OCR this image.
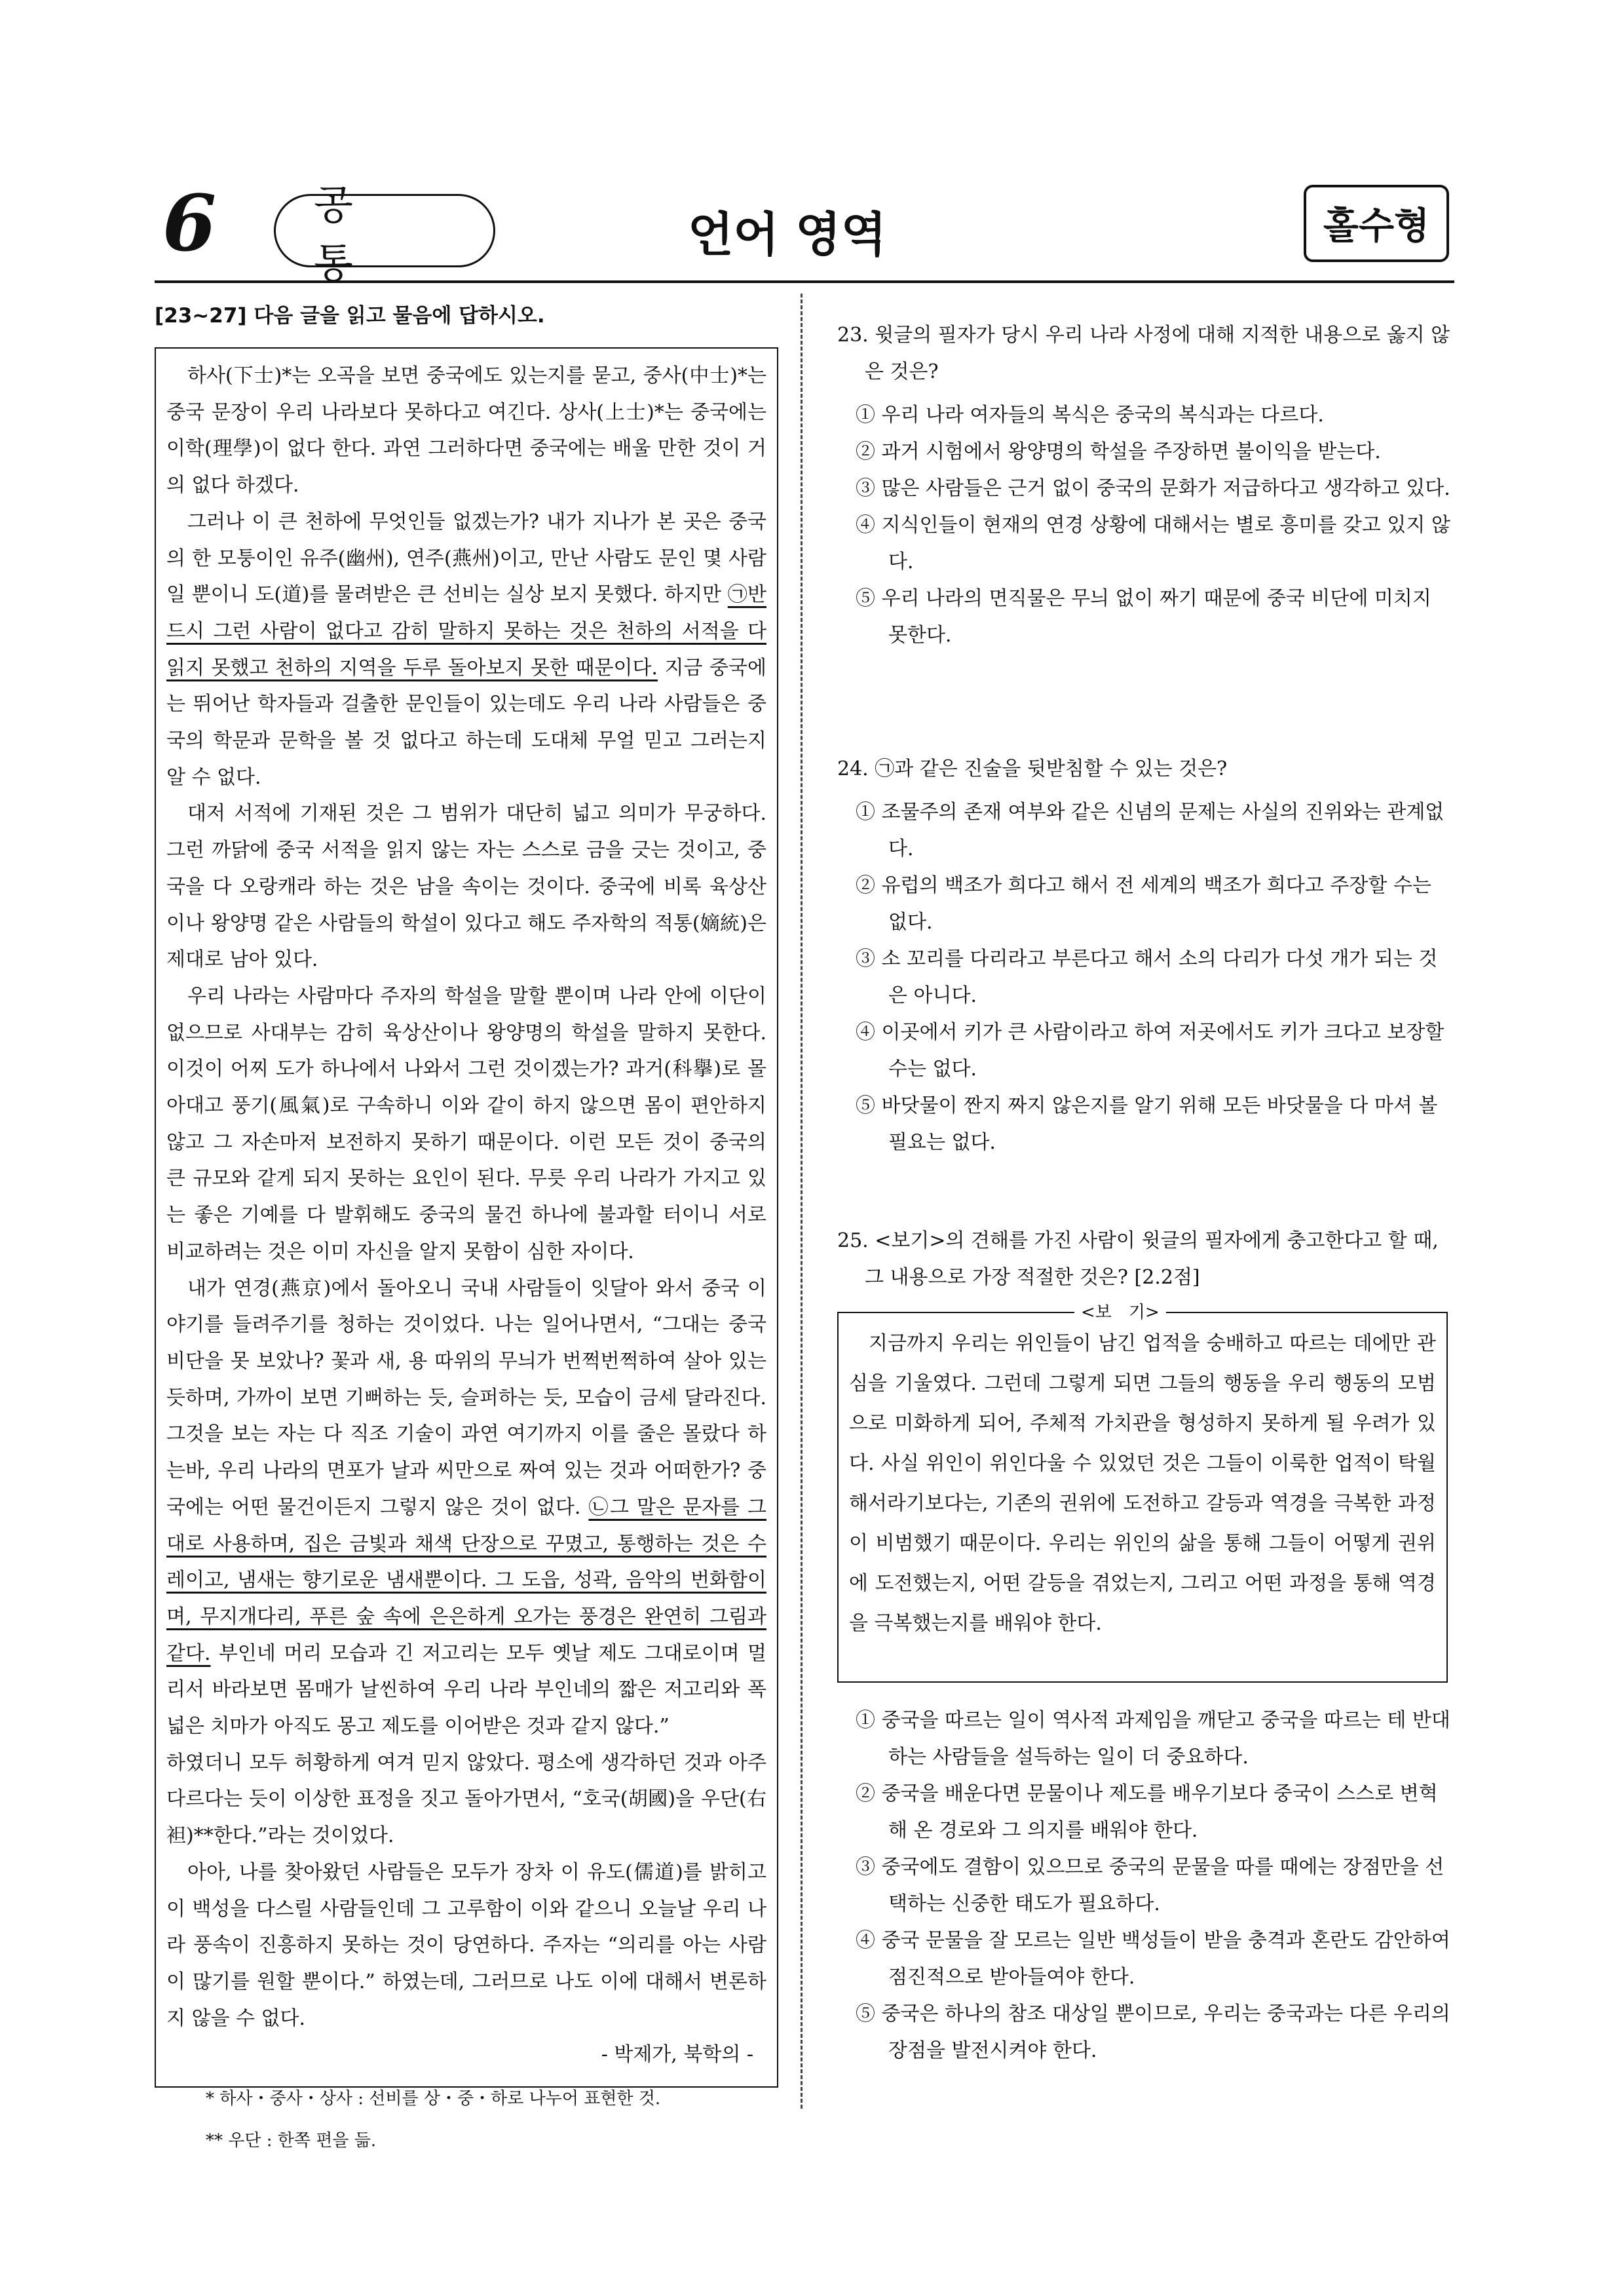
6	공 통
언어 영역	홀수형
[23~27] 다음 글을 읽고 물음에 답하시오.

하사(下士)*는 오곡을 보면 중국에도 있는지를 묻고, 중사(中士)*는 중국 문장이 우리 나라보다 못하다고 여긴다. 상사(上士)*는 중국에는 이학(理學)이 없다 한다. 과연 그러하다면 중국에는 배울 만한 것이 거의 없다 하겠다.

그러나 이 큰 천하에 무엇인들 없겠는가? 내가 지나가 본 곳은 중국의 한 모퉁이인 유주(幽州), 연주(燕州)이고, 만난 사람도 문인 몇 사람일 뿐이니 도(道)를 물려받은 큰 선비는 실상 보지 못했다. 하지만 ㉠반드시 그런 사람이 없다고 감히 말하지 못하는 것은 천하의 서적을 다 읽지 못했고 천하의 지역을 두루 돌아보지 못한 때문이다. 지금 중국에는 뛰어난 학자들과 걸출한 문인들이 있는데도 우리 나라 사람들은 중국의 학문과 문학을 볼 것 없다고 하는데 도대체 무얼 믿고 그러는지 알 수 없다.

대저 서적에 기재된 것은 그 범위가 대단히 넓고 의미가 무궁하다. 그런 까닭에 중국 서적을 읽지 않는 자는 스스로 금을 긋는 것이고, 중국을 다 오랑캐라 하는 것은 남을 속이는 것이다. 중국에 비록 육상산이나 왕양명 같은 사람들의 학설이 있다고 해도 주자학의 적통(嫡統)은 제대로 남아 있다.

우리 나라는 사람마다 주자의 학설을 말할 뿐이며 나라 안에 이단이 없으므로 사대부는 감히 육상산이나 왕양명의 학설을 말하지 못한다. 이것이 어찌 도가 하나에서 나와서 그런 것이겠는가? 과거(科擧)로 몰아대고 풍기(風氣)로 구속하니 이와 같이 하지 않으면 몸이 편안하지 않고 그 자손마저 보전하지 못하기 때문이다. 이런 모든 것이 중국의 큰 규모와 같게 되지 못하는 요인이 된다. 무릇 우리 나라가 가지고 있는 좋은 기예를 다 발휘해도 중국의 물건 하나에 불과할 터이니 서로 비교하려는 것은 이미 자신을 알지 못함이 심한 자이다.

내가 연경(燕京)에서 돌아오니 국내 사람들이 잇달아 와서 중국 이야기를 들려주기를 청하는 것이었다. 나는 일어나면서, “그대는 중국 비단을 못 보았나? 꽃과 새, 용 따위의 무늬가 번쩍번쩍하여 살아 있는 듯하며, 가까이 보면 기뻐하는 듯, 슬퍼하는 듯, 모습이 금세 달라진다. 그것을 보는 자는 다 직조 기술이 과연 여기까지 이를 줄은 몰랐다 하는바, 우리 나라의 면포가 날과 씨만으로 짜여 있는 것과 어떠한가? 중국에는 어떤 물건이든지 그렇지 않은 것이 없다. ㉡그 말은 문자를 그대로 사용하며, 집은 금빛과 채색 단장으로 꾸몄고, 통행하는 것은 수레이고, 냄새는 향기로운 냄새뿐이다. 그 도읍, 성곽, 음악의 번화함이며, 무지개다리, 푸른 숲 속에 은은하게 오가는 풍경은 완연히 그림과 같다. 부인네 머리 모습과 긴 저고리는 모두 옛날 제도 그대로이며 멀리서 바라보면 몸매가 날씬하여 우리 나라 부인네의 짧은 저고리와 폭넓은 치마가 아직도 몽고 제도를 이어받은 것과 같지 않다.”

하였더니 모두 허황하게 여겨 믿지 않았다. 평소에 생각하던 것과 아주 다르다는 듯이 이상한 표정을 짓고 돌아가면서, “호국(胡國)을 우단(右袒)**한다.”라는 것이었다.

아아, 나를 찾아왔던 사람들은 모두가 장차 이 유도(儒道)를 밝히고 이 백성을 다스릴 사람들인데 그 고루함이 이와 같으니 오늘날 우리 나라 풍속이 진흥하지 못하는 것이 당연하다. 주자는 “의리를 아는 사람이 많기를 원할 뿐이다.” 하였는데, 그러므로 나도 이에 대해서 변론하지 않을 수 없다.

- 박제가, 북학의 -
* 하사・중사・상사 : 선비를 상・중・하로 나누어 표현한 것.
** 우단 : 한쪽 편을 듦.

23. 윗글의 필자가 당시 우리 나라 사정에 대해 지적한 내용으로 옳지 않은 것은?

① 우리 나라 여자들의 복식은 중국의 복식과는 다르다.
② 과거 시험에서 왕양명의 학설을 주장하면 불이익을 받는다.
③ 많은 사람들은 근거 없이 중국의 문화가 저급하다고 생각하고 있다.
④ 지식인들이 현재의 연경 상황에 대해서는 별로 흥미를 갖고 있지 않다.
⑤ 우리 나라의 면직물은 무늬 없이 짜기 때문에 중국 비단에 미치지 못한다.

24. ㉠과 같은 진술을 뒷받침할 수 있는 것은?

① 조물주의 존재 여부와 같은 신념의 문제는 사실의 진위와는 관계없다.
② 유럽의 백조가 희다고 해서 전 세계의 백조가 희다고 주장할 수는 없다.
③ 소 꼬리를 다리라고 부른다고 해서 소의 다리가 다섯 개가 되는 것은 아니다.
④ 이곳에서 키가 큰 사람이라고 하여 저곳에서도 키가 크다고 보장할 수는 없다.
⑤ 바닷물이 짠지 짜지 않은지를 알기 위해 모든 바닷물을 다 마셔 볼 필요는 없다.

25. <보기>의 견해를 가진 사람이 윗글의 필자에게 충고한다고 할 때, 그 내용으로 가장 적절한 것은? [2.2점]

지금까지 우리는 위인들이 남긴 업적을 숭배하고 따르는 데에만 관심을 기울였다. 그런데 그렇게 되면 그들의 행동을 우리 행동의 모범으로 미화하게 되어, 주체적 가치관을 형성하지 못하게 될 우려가 있다. 사실 위인이 위인다울 수 있었던 것은 그들이 이룩한 업적이 탁월해서라기보다는, 기존의 권위에 도전하고 갈등과 역경을 극복한 과정이 비범했기 때문이다. 우리는 위인의 삶을 통해 그들이 어떻게 권위에 도전했는지, 어떤 갈등을 겪었는지, 그리고 어떤 과정을 통해 역경을 극복했는지를 배워야 한다.

<보　기>
① 중국을 따르는 일이 역사적 과제임을 깨닫고 중국을 따르는 테 반대하는 사람들을 설득하는 일이 더 중요하다.
② 중국을 배운다면 문물이나 제도를 배우기보다 중국이 스스로 변혁해 온 경로와 그 의지를 배워야 한다.
③ 중국에도 결함이 있으므로 중국의 문물을 따를 때에는 장점만을 선택하는 신중한 태도가 필요하다.
④ 중국 문물을 잘 모르는 일반 백성들이 받을 충격과 혼란도 감안하여 점진적으로 받아들여야 한다.
⑤ 중국은 하나의 참조 대상일 뿐이므로, 우리는 중국과는 다른 우리의 장점을 발전시켜야 한다.
